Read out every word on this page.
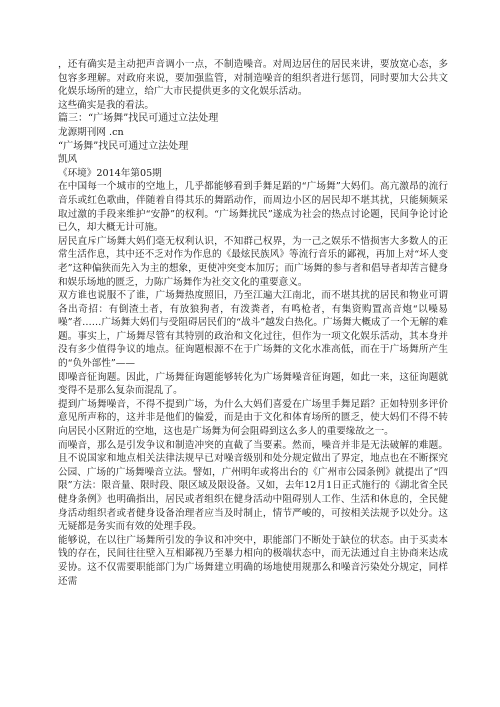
，还有确实是主动把声音调小一点，不制造噪音。对周边居住的居民来讲，要放宽心态，多包容多理解。对政府来说，要加强监管，对制造噪音的组织者进行惩罚，同时要加大公共文化娱乐场所的建立，给广大市民提供更多的文化娱乐活动。

这些确实是我的看法。

篇三：“广场舞”找民可通过立法处理

龙源期刊网 .cn

“广场舞”找民可通过立法处理

凯风

《环境》2014年第05期

在中国每一个城市的空地上，几乎都能够看到手舞足蹈的“广场舞”大妈们。高亢激昂的流行音乐或红色歌曲，伴随着自得其乐的舞蹈动作，而周边小区的居民却不堪其扰，只能频频采取过激的手段来维护“安静”的权利。“广场舞扰民”遂成为社会的热点讨论题，民间争论讨论已久，却大概无计可施。

居民直斥广场舞大妈们毫无权利认识，不知群己权界，为一己之娱乐不惜损害大多数人的正常生活作息，其中还不乏对作为作息的《最炫民族风》等流行音乐的鄙视，再加上对“坏人变老”这种偏狭而先入为主的想象，更使冲突变本加厉；而广场舞的参与者和倡导者却苦言健身和娱乐场地的匮乏，力陈广场舞作为社交文化的重要意义。

双方谁也说服不了谁，广场舞热度照旧，乃至江遍大江南北，而不堪其扰的居民和物业可谓各出奇招：有倒渣土者，有放狼狗者，有泼粪者，有鸣枪者，有集资购置高音炮“以噪易噪”者……广场舞大妈们与受阻碍居民们的“战斗”越发白热化。广场舞大概成了一个无解的难题。事实上，广场舞尽管有其特别的政治和文化过往，但作为一项文化娱乐活动，其本身并没有多少值得争议的地点。征询题根源不在于广场舞的文化水准高低，而在于广场舞所产生的“负外部性”——

即噪音征询题。因此，广场舞征询题能够转化为广场舞噪音征询题，如此一来，这征询题就变得不是那么复杂而混乱了。

提到广场舞噪音，不得不提到广场，为什么大妈们喜爱在广场里手舞足蹈？正如特别多评价意见所声称的，这并非是他们的偏爱，而是由于文化和体育场所的匮乏，使大妈们不得不转向居民小区附近的空地，这也是广场舞为何会阻碍到这么多人的重要缘故之一。

而噪音，那么是引发争议和制造冲突的直截了当要素。然而，噪音并非是无法破解的难题。且不说国家和地点相关法律法规早已对噪音级别和处分规定做出了界定，地点也在不断探究公园、广场的广场舞噪音立法。譬如，广州明年或将出台的《广州市公园条例》就提出了“四限”方法：限音量、限时段、限区域及限设备。又如，去年12月1日正式施行的《湖北省全民健身条例》也明确指出，居民或者组织在健身活动中阻碍别人工作、生活和休息的，全民健身活动组织者或者健身设备治理者应当及时制止，情节严峻的，可按相关法规予以处分。这无疑都是务实而有效的处理手段。

能够说，在以往广场舞所引发的争议和冲突中，职能部门不断处于缺位的状态。由于买卖本钱的存在，民间往往壁入互相鄙视乃至暴力相向的极端状态中，而无法通过自主协商来达成妥协。这不仅需要职能部门为广场舞建立明确的场地使用规那么和噪音污染处分规定，同样还需
